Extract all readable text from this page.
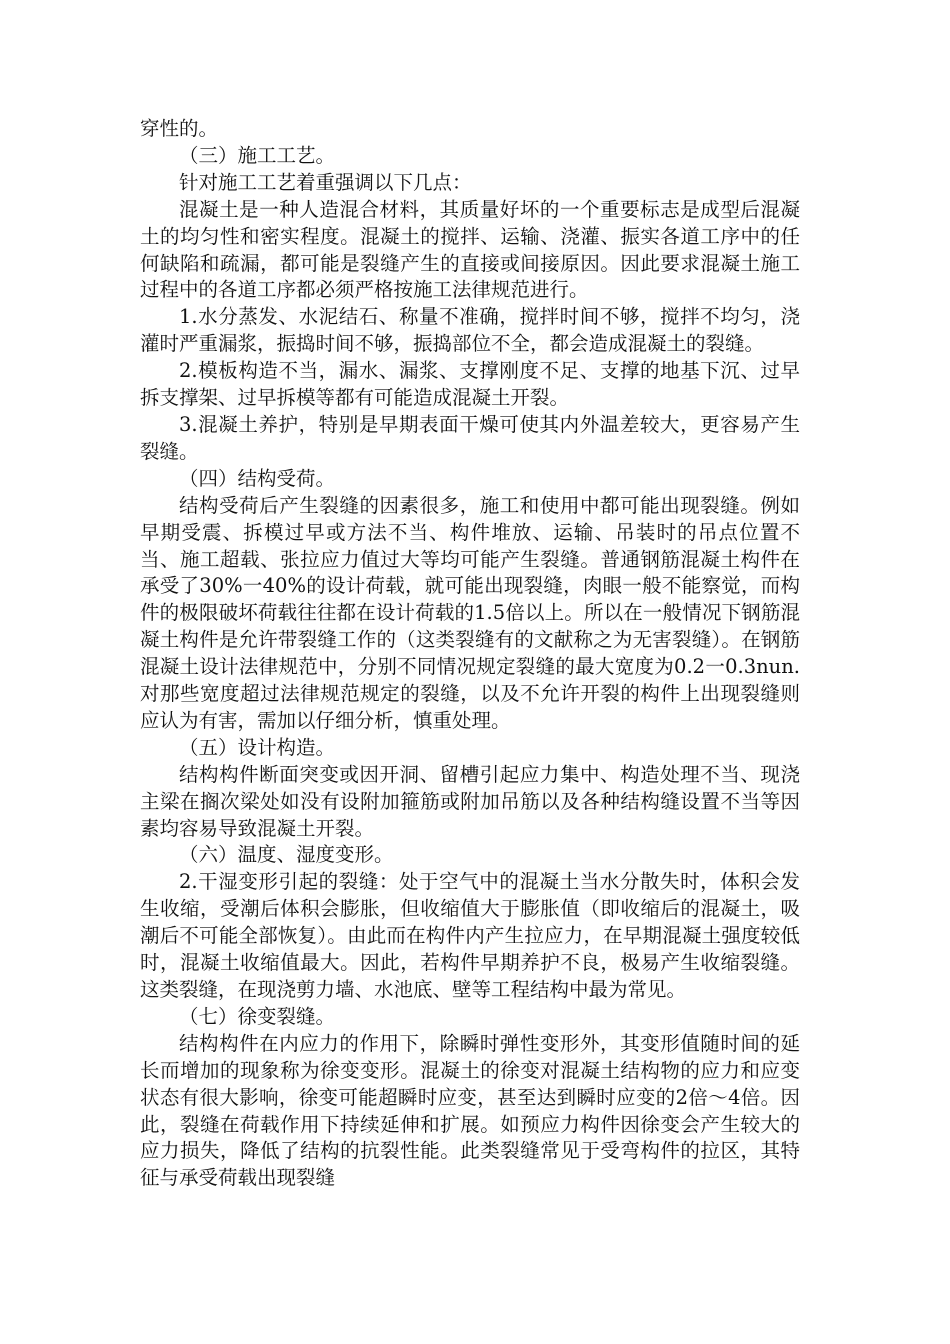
穿性的。

（三）施工工艺。

针对施工工艺着重强调以下几点：

混凝土是一种人造混合材料，其质量好坏的一个重要标志是成型后混凝土的均匀性和密实程度。混凝土的搅拌、运输、浇灌、振实各道工序中的任何缺陷和疏漏，都可能是裂缝产生的直接或间接原因。因此要求混凝土施工过程中的各道工序都必须严格按施工法律规范进行。

1.水分蒸发、水泥结石、称量不准确，搅拌时间不够，搅拌不均匀，浇灌时严重漏浆，振捣时间不够，振捣部位不全，都会造成混凝土的裂缝。

2.模板构造不当，漏水、漏浆、支撑刚度不足、支撑的地基下沉、过早拆支撑架、过早拆模等都有可能造成混凝土开裂。

3.混凝土养护，特别是早期表面干燥可使其内外温差较大，更容易产生裂缝。

（四）结构受荷。

结构受荷后产生裂缝的因素很多，施工和使用中都可能出现裂缝。例如早期受震、拆模过早或方法不当、构件堆放、运输、吊装时的吊点位置不当、施工超载、张拉应力值过大等均可能产生裂缝。普通钢筋混凝土构件在承受了30%一40%的设计荷载，就可能出现裂缝，肉眼一般不能察觉，而构件的极限破坏荷载往往都在设计荷载的1.5倍以上。所以在一般情况下钢筋混凝土构件是允许带裂缝工作的（这类裂缝有的文献称之为无害裂缝）。在钢筋混凝土设计法律规范中，分别不同情况规定裂缝的最大宽度为0.2一0.3nun.对那些宽度超过法律规范规定的裂缝，以及不允许开裂的构件上出现裂缝则应认为有害，需加以仔细分析，慎重处理。

（五）设计构造。

结构构件断面突变或因开洞、留槽引起应力集中、构造处理不当、现浇主梁在搁次梁处如没有设附加箍筋或附加吊筋以及各种结构缝设置不当等因素均容易导致混凝土开裂。

（六）温度、湿度变形。

2.干湿变形引起的裂缝：处于空气中的混凝土当水分散失时，体积会发生收缩，受潮后体积会膨胀，但收缩值大于膨胀值（即收缩后的混凝土，吸潮后不可能全部恢复）。由此而在构件内产生拉应力，在早期混凝土强度较低时，混凝土收缩值最大。因此，若构件早期养护不良，极易产生收缩裂缝。这类裂缝，在现浇剪力墙、水池底、壁等工程结构中最为常见。

（七）徐变裂缝。

结构构件在内应力的作用下，除瞬时弹性变形外，其变形值随时间的延长而增加的现象称为徐变变形。混凝土的徐变对混凝土结构物的应力和应变状态有很大影响，徐变可能超瞬时应变，甚至达到瞬时应变的2倍～4倍。因此，裂缝在荷载作用下持续延伸和扩展。如预应力构件因徐变会产生较大的应力损失，降低了结构的抗裂性能。此类裂缝常见于受弯构件的拉区，其特征与承受荷载出现裂缝
